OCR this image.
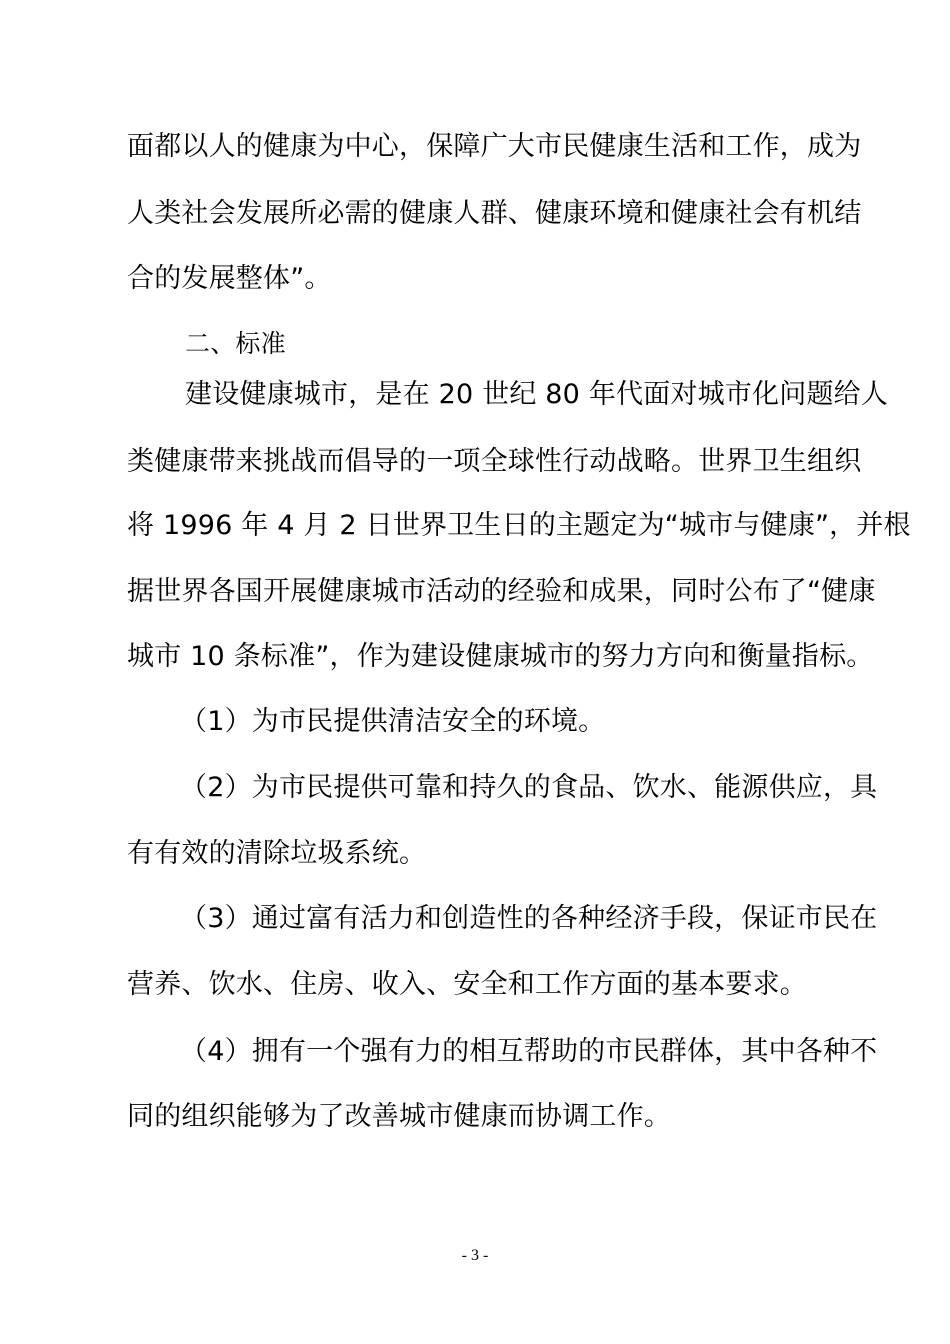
面都以人的健康为中心，保障广大市民健康生活和工作，成为
人类社会发展所必需的健康人群、健康环境和健康社会有机结
合的发展整体”。
二、标准
建设健康城市，是在 20 世纪 80 年代面对城市化问题给人
类健康带来挑战而倡导的一项全球性行动战略。世界卫生组织
将 1996 年 4 月 2 日世界卫生日的主题定为“城市与健康”，并根
据世界各国开展健康城市活动的经验和成果，同时公布了“健康
城市 10 条标准”，作为建设健康城市的努力方向和衡量指标。
（1）为市民提供清洁安全的环境。
（2）为市民提供可靠和持久的食品、饮水、能源供应，具
有有效的清除垃圾系统。
（3）通过富有活力和创造性的各种经济手段，保证市民在
营养、饮水、住房、收入、安全和工作方面的基本要求。
（4）拥有一个强有力的相互帮助的市民群体，其中各种不
同的组织能够为了改善城市健康而协调工作。
- 3 -
